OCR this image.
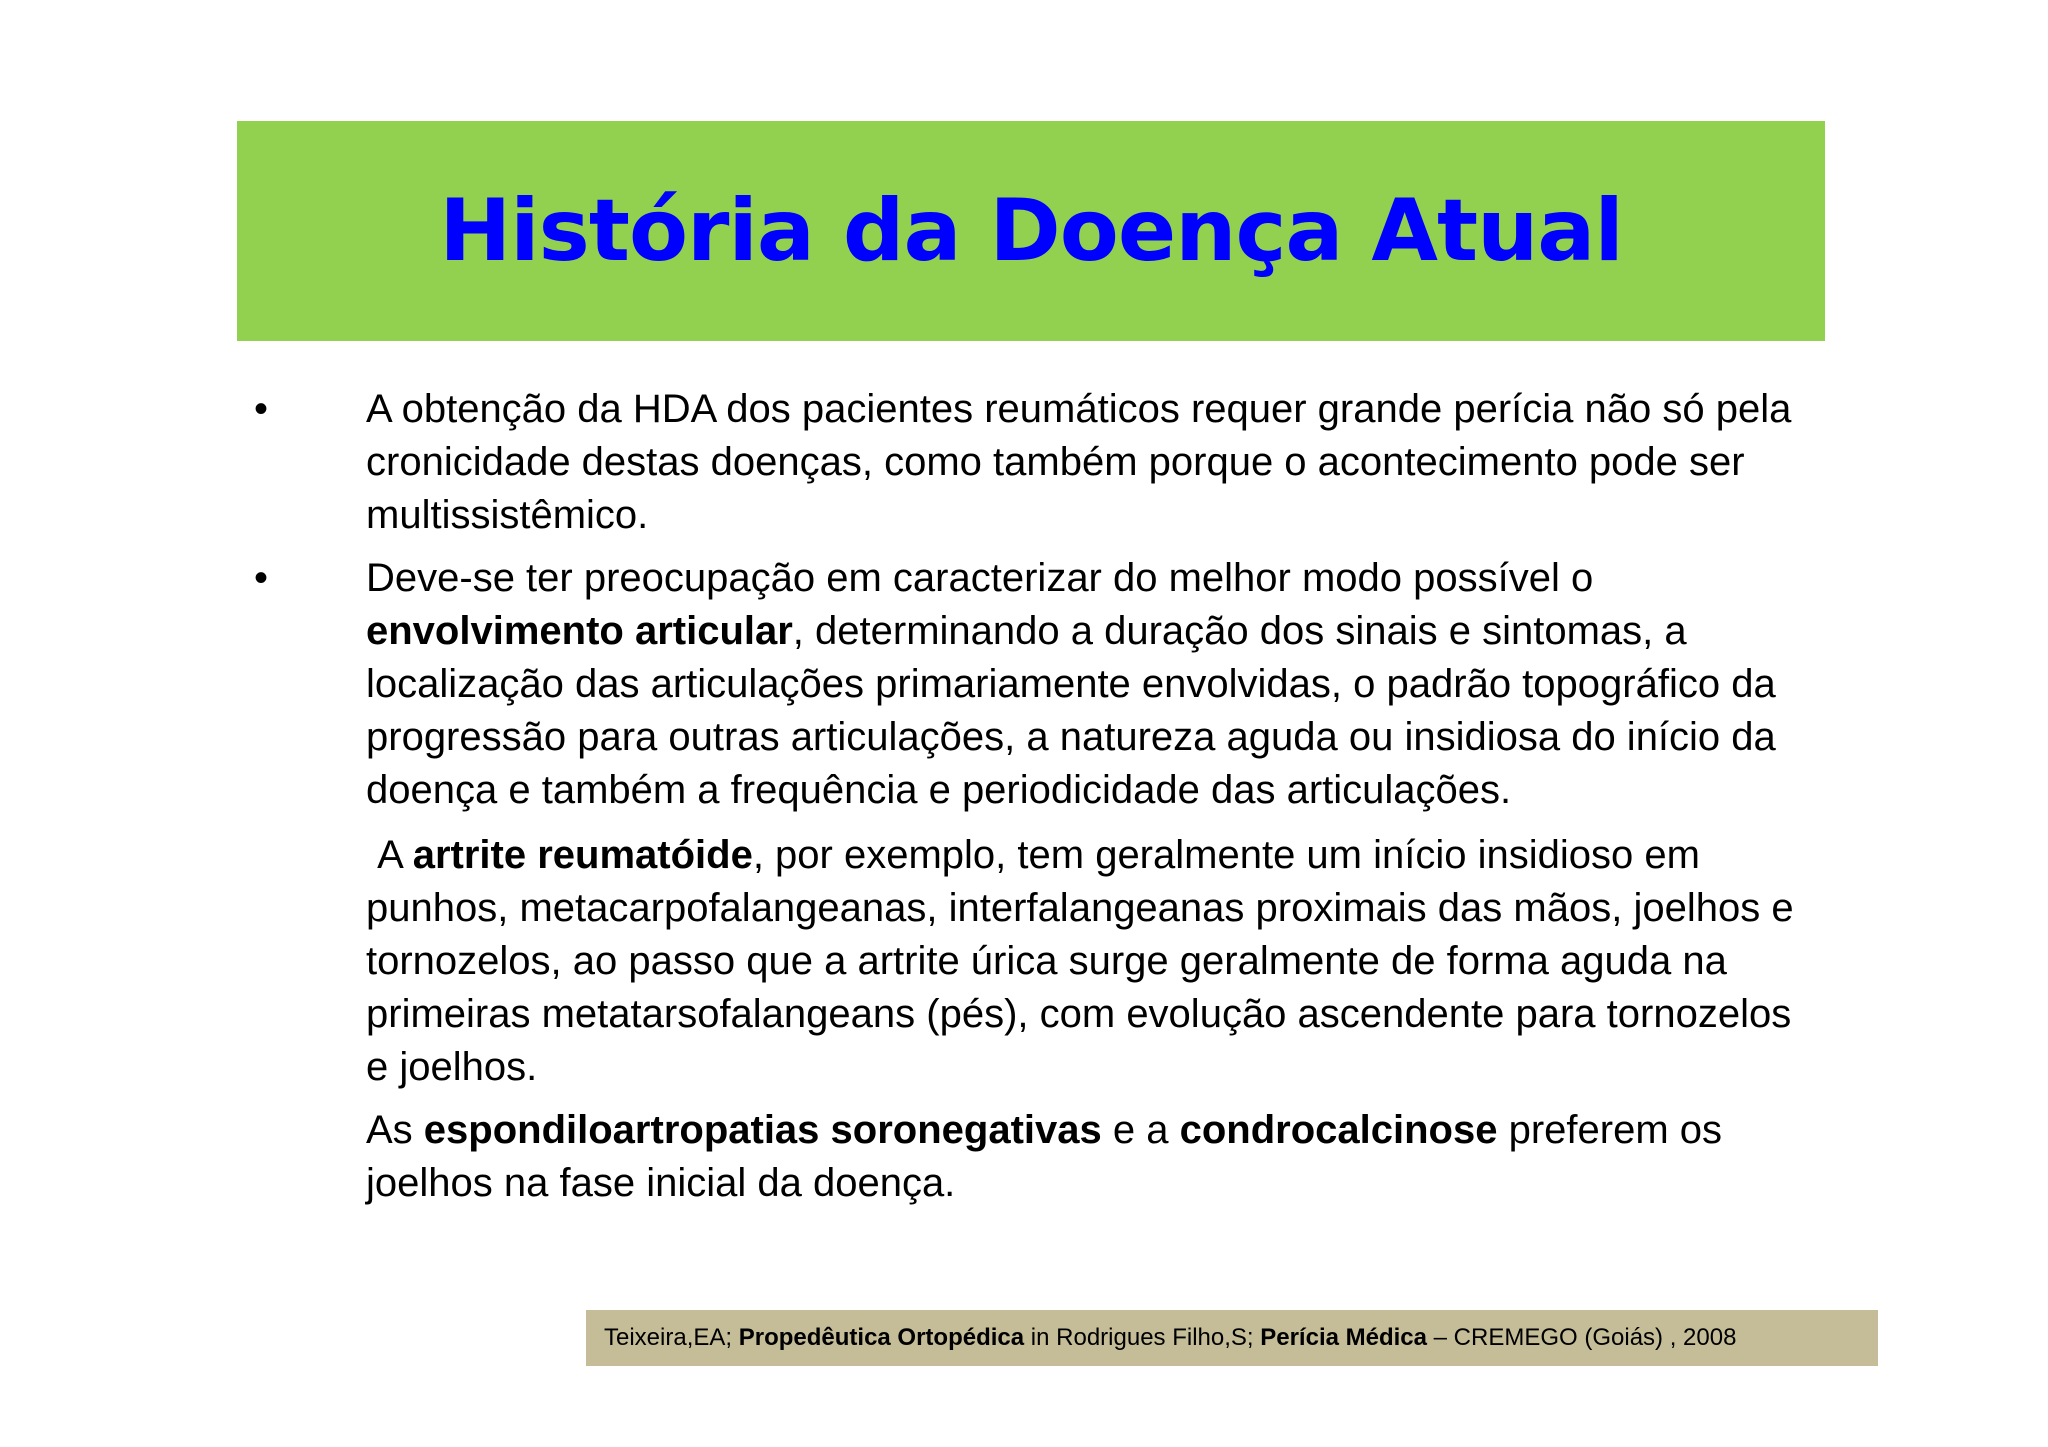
História da Doença Atual
• A obtenção da HDA dos pacientes reumáticos requer grande perícia não só pela cronicidade destas doenças, como também porque o acontecimento pode ser multissistêmico.
• Deve-se ter preocupação em caracterizar do melhor modo possível o envolvimento articular, determinando a duração dos sinais e sintomas, a localização das articulações primariamente envolvidas, o padrão topográfico da progressão para outras articulações, a natureza aguda ou insidiosa do início da doença e também a frequência e periodicidade das articulações.
A artrite reumatóide, por exemplo, tem geralmente um início insidioso em punhos, metacarpofalangeanas, interfalangeanas proximais das mãos, joelhos e tornozelos, ao passo que a artrite úrica surge geralmente de forma aguda na primeiras metatarsofalangeans (pés), com evolução ascendente para tornozelos e joelhos.
As espondiloartropatias soronegativas e a condrocalcinose preferem os joelhos na fase inicial da doença.
Teixeira,EA; Propedêutica Ortopédica in Rodrigues Filho,S; Perícia Médica – CREMEGO (Goiás) , 2008
